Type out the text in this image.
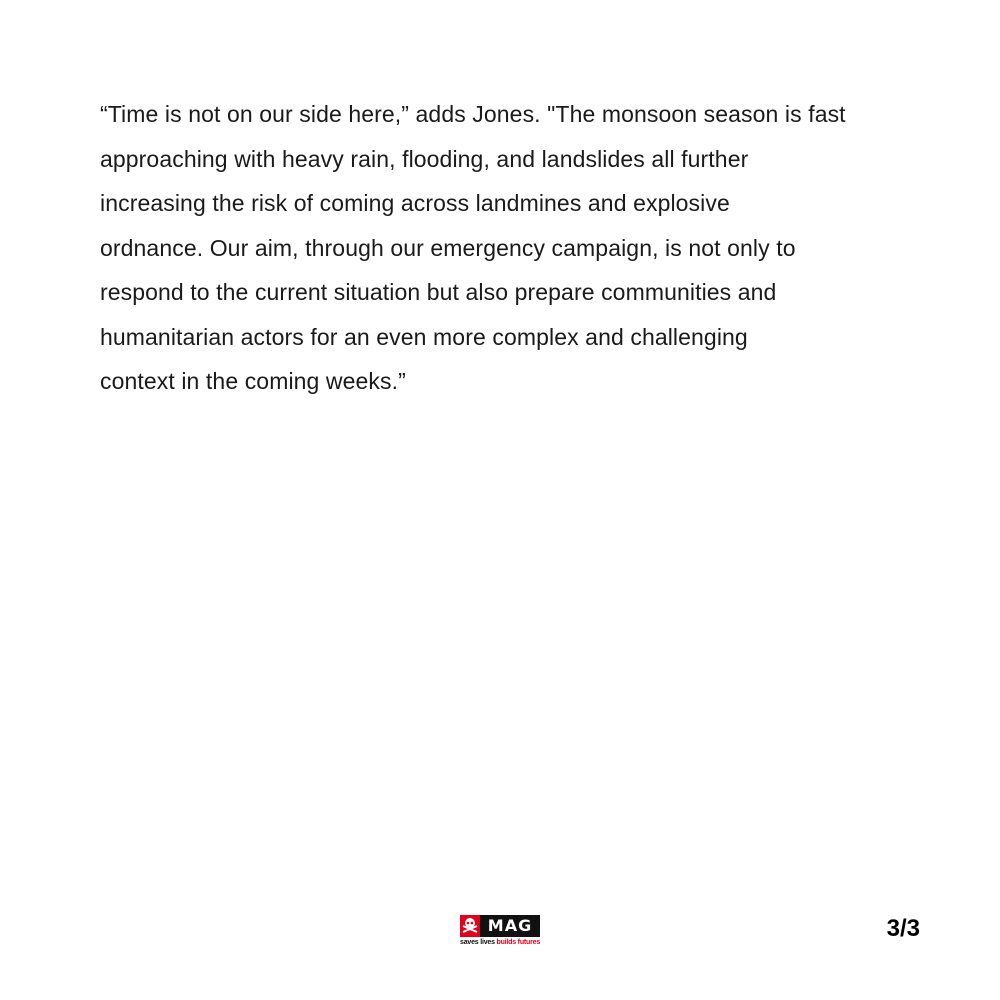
“Time is not on our side here,” adds Jones. "The monsoon season is fast
approaching with heavy rain, flooding, and landslides all further
increasing the risk of coming across landmines and explosive
ordnance. Our aim, through our emergency campaign, is not only to
respond to the current situation but also prepare communities and
humanitarian actors for an even more complex and challenging
context in the coming weeks.”

MAG
saves lives builds futures
3/3
